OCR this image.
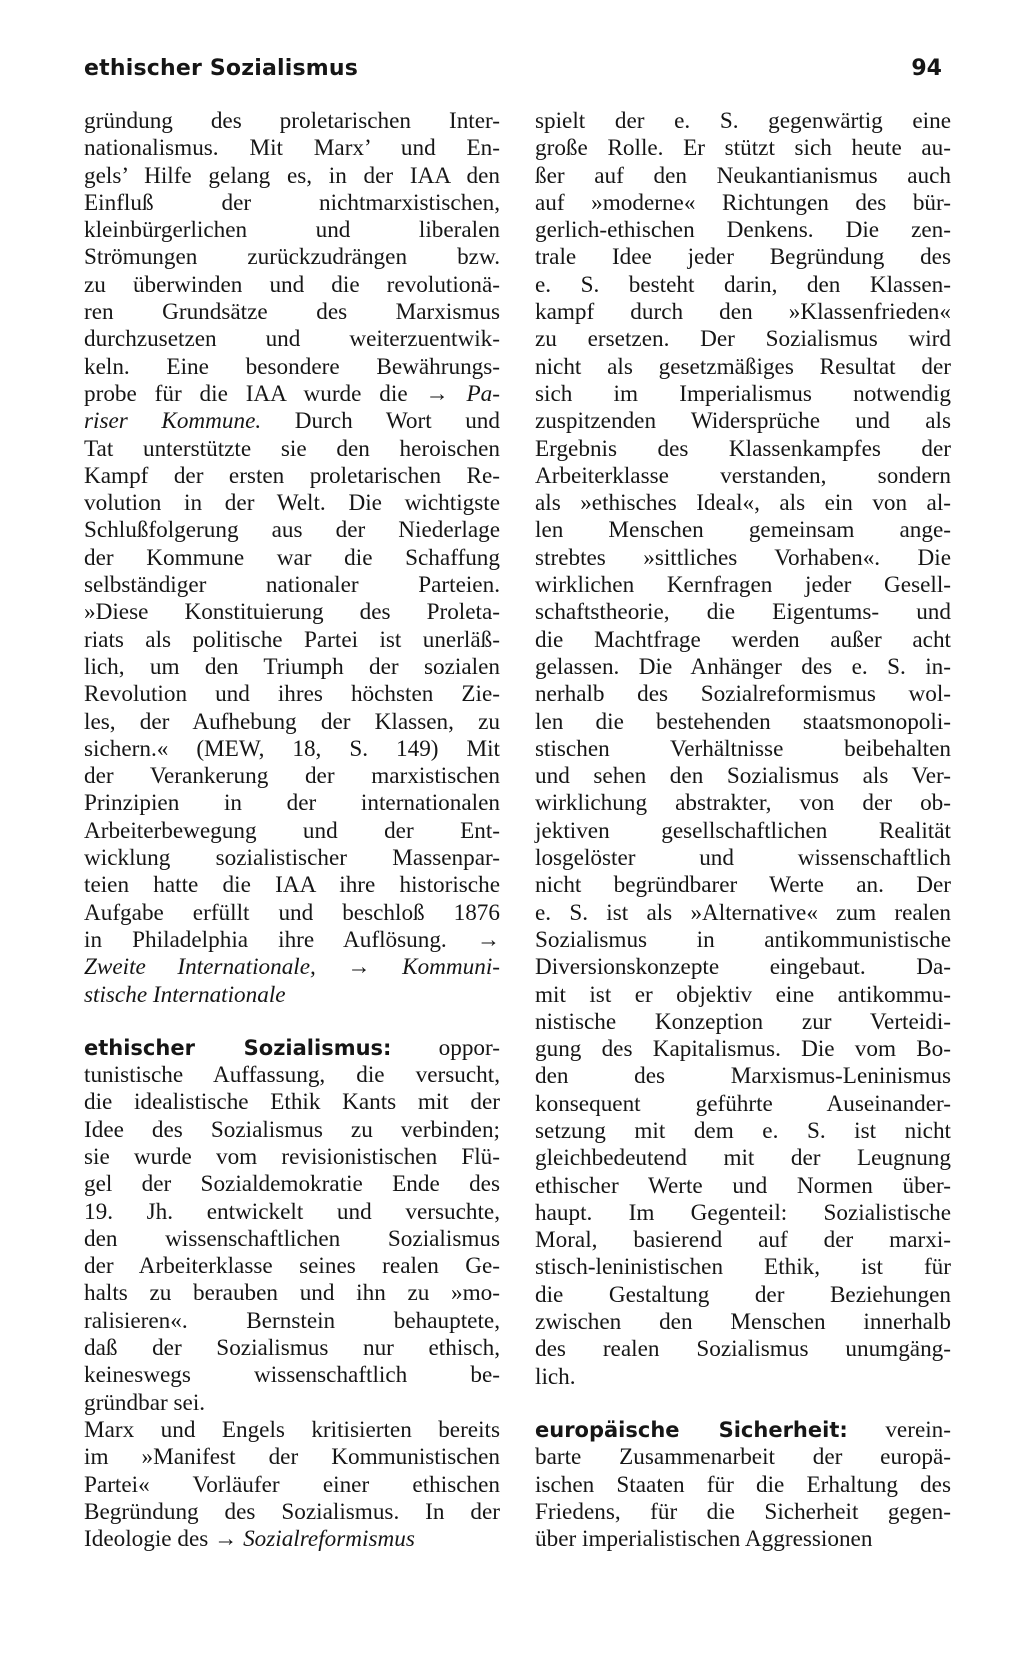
ethischer Sozialismus	94
gründung des proletarischen Inter-
nationalismus. Mit Marx’ und En-
gels’ Hilfe gelang es, in der IAA den
Einfluß der nichtmarxistischen,
kleinbürgerlichen und liberalen
Strömungen zurückzudrängen bzw.
zu überwinden und die revolutionä-
ren Grundsätze des Marxismus
durchzusetzen und weiterzuentwik-
keln. Eine besondere Bewährungs-
probe für die IAA wurde die → Pa-
riser Kommune. Durch Wort und
Tat unterstützte sie den heroischen
Kampf der ersten proletarischen Re-
volution in der Welt. Die wichtigste
Schlußfolgerung aus der Niederlage
der Kommune war die Schaffung
selbständiger nationaler Parteien.
»Diese Konstituierung des Proleta-
riats als politische Partei ist unerläß-
lich, um den Triumph der sozialen
Revolution und ihres höchsten Zie-
les, der Aufhebung der Klassen, zu
sichern.« (MEW, 18, S. 149) Mit
der Verankerung der marxistischen
Prinzipien in der internationalen
Arbeiterbewegung und der Ent-
wicklung sozialistischer Massenpar-
teien hatte die IAA ihre historische
Aufgabe erfüllt und beschloß 1876
in Philadelphia ihre Auflösung. →
Zweite Internationale, → Kommuni-
stische Internationale
ethischer Sozialismus: oppor-
tunistische Auffassung, die versucht,
die idealistische Ethik Kants mit der
Idee des Sozialismus zu verbinden;
sie wurde vom revisionistischen Flü-
gel der Sozialdemokratie Ende des
19. Jh. entwickelt und versuchte,
den wissenschaftlichen Sozialismus
der Arbeiterklasse seines realen Ge-
halts zu berauben und ihn zu »mo-
ralisieren«. Bernstein behauptete,
daß der Sozialismus nur ethisch,
keineswegs wissenschaftlich be-
gründbar sei.
Marx und Engels kritisierten bereits
im »Manifest der Kommunistischen
Partei« Vorläufer einer ethischen
Begründung des Sozialismus. In der
Ideologie des → Sozialreformismus
spielt der e. S. gegenwärtig eine
große Rolle. Er stützt sich heute au-
ßer auf den Neukantianismus auch
auf »moderne« Richtungen des bür-
gerlich-ethischen Denkens. Die zen-
trale Idee jeder Begründung des
e. S. besteht darin, den Klassen-
kampf durch den »Klassenfrieden«
zu ersetzen. Der Sozialismus wird
nicht als gesetzmäßiges Resultat der
sich im Imperialismus notwendig
zuspitzenden Widersprüche und als
Ergebnis des Klassenkampfes der
Arbeiterklasse verstanden, sondern
als »ethisches Ideal«, als ein von al-
len Menschen gemeinsam ange-
strebtes »sittliches Vorhaben«. Die
wirklichen Kernfragen jeder Gesell-
schaftstheorie, die Eigentums- und
die Machtfrage werden außer acht
gelassen. Die Anhänger des e. S. in-
nerhalb des Sozialreformismus wol-
len die bestehenden staatsmonopoli-
stischen Verhältnisse beibehalten
und sehen den Sozialismus als Ver-
wirklichung abstrakter, von der ob-
jektiven gesellschaftlichen Realität
losgelöster und wissenschaftlich
nicht begründbarer Werte an. Der
e. S. ist als »Alternative« zum realen
Sozialismus in antikommunistische
Diversionskonzepte eingebaut. Da-
mit ist er objektiv eine antikommu-
nistische Konzeption zur Verteidi-
gung des Kapitalismus. Die vom Bo-
den des Marxismus-Leninismus
konsequent geführte Auseinander-
setzung mit dem e. S. ist nicht
gleichbedeutend mit der Leugnung
ethischer Werte und Normen über-
haupt. Im Gegenteil: Sozialistische
Moral, basierend auf der marxi-
stisch-leninistischen Ethik, ist für
die Gestaltung der Beziehungen
zwischen den Menschen innerhalb
des realen Sozialismus unumgäng-
lich.
europäische Sicherheit: verein-
barte Zusammenarbeit der europä-
ischen Staaten für die Erhaltung des
Friedens, für die Sicherheit gegen-
über imperialistischen Aggressionen
